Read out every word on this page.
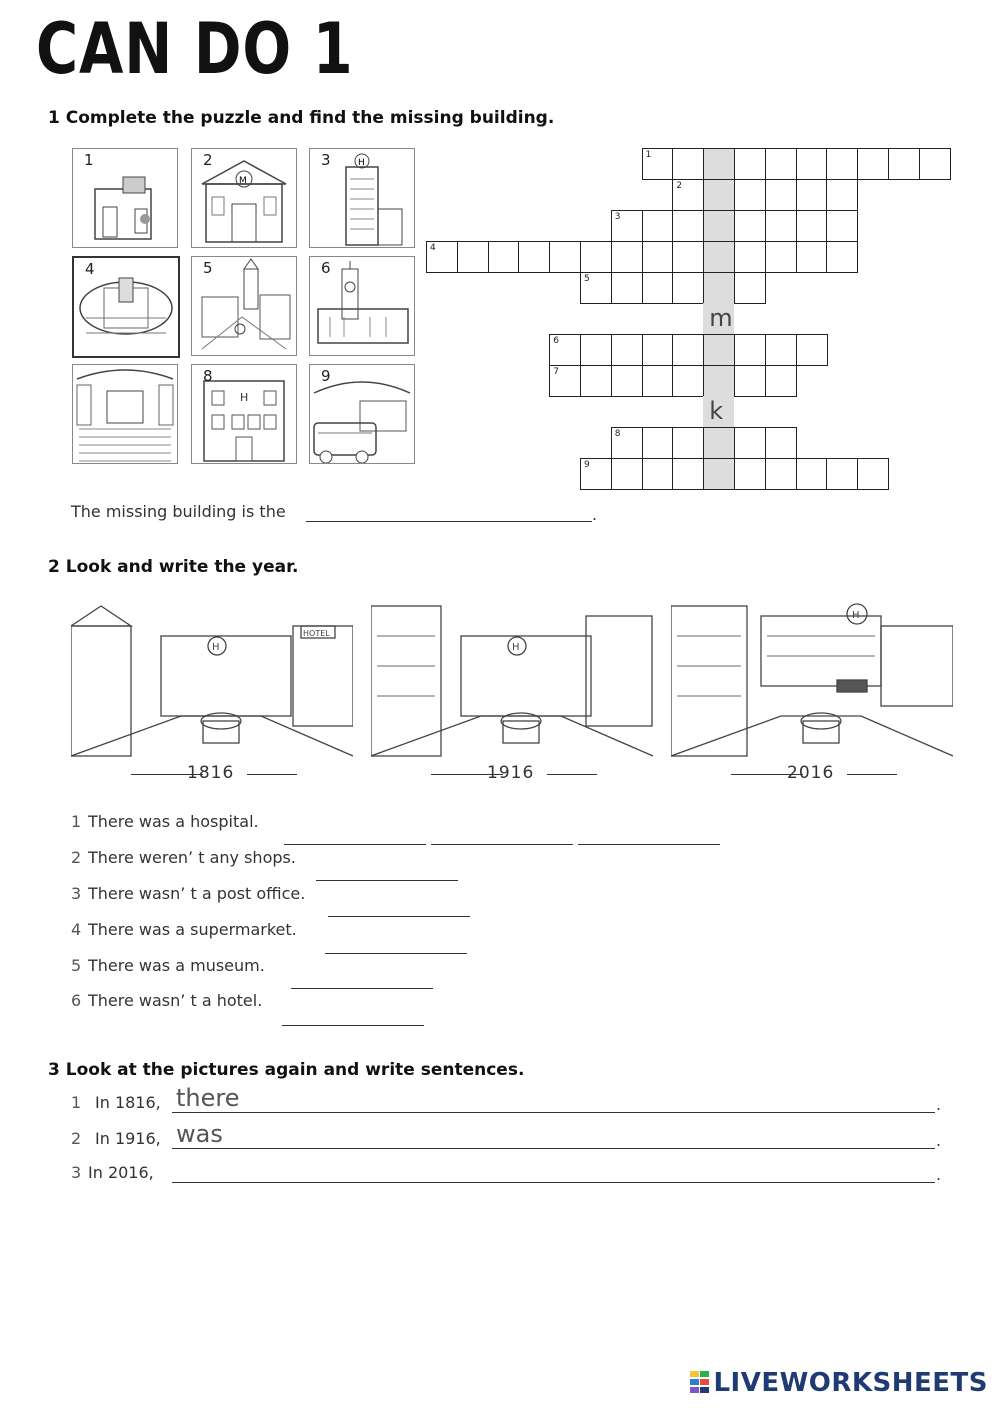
CAN DO 1
1 Complete the puzzle and find the missing building.
1
2
3
4
5
m
6
7
k
8
9
The missing building is the	.
2 Look and write the year.
H
HOTEL
1816
H
1916
H
2016
1 There was a hospital.
2 There weren’ t any shops.
3 There wasn’ t a post office.
4 There was a supermarket.
5 There was a museum.
6 There wasn’ t a hotel.
3 Look at the pictures again and write sentences.
1 In 1816, there	.
2 In 1916, was	.
3 In 2016,	.
LIVEWORKSHEETS
1
M
2	H
3
4	5	6
H
8	9
